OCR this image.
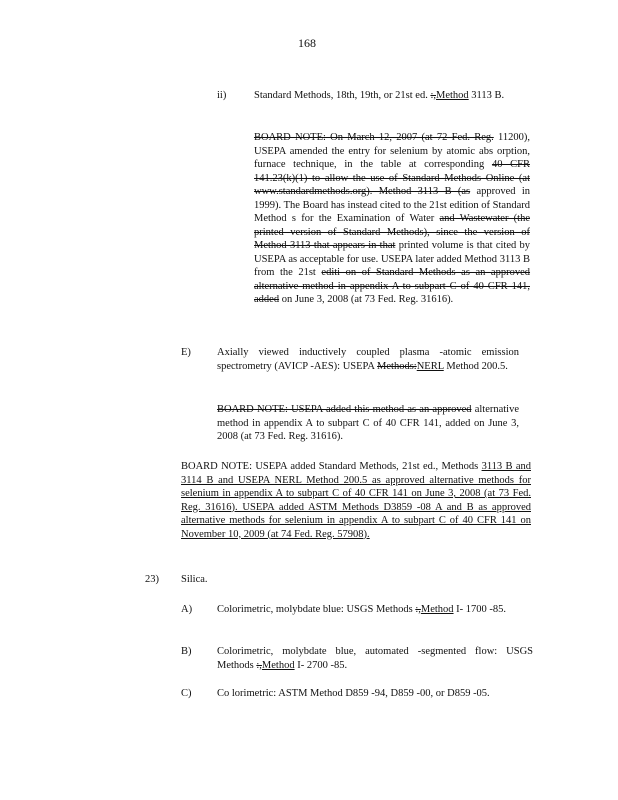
168
ii)	Standard Methods, 18th, 19th, or 21st ed. :,Method 3113 B.
BOARD NOTE: On March 12, 2007 (at 72 Fed. Reg. 11200), USEPA amended the entry for selenium by atomic abs orption, furnace technique, in the table at corresponding 40 CFR 141.23(k)(1) to allow the use of Standard Methods Online (at www.standardmethods.org). Method 3113 B (as approved in 1999). The Board has instead cited to the 21st edition of Standard Method s for the Examination of Water and Wastewater (the printed version of Standard Methods), since the version of Method 3113 that appears in that printed volume is that cited by USEPA as acceptable for use. USEPA later added Method 3113 B from the 21st editi on of Standard Methods as an approved alternative method in appendix A to subpart C of 40 CFR 141, added on June 3, 2008 (at 73 Fed. Reg. 31616).
E) Axially viewed inductively coupled plasma -atomic emission spectrometry (AVICP -AES): USEPA Methods:NERL Method 200.5.
BOARD NOTE: USEPA added this method as an approved alternative method in appendix A to subpart C of 40 CFR 141, added on June 3, 2008 (at 73 Fed. Reg. 31616).
BOARD NOTE: USEPA added Standard Methods, 21st ed., Methods 3113 B and 3114 B and USEPA NERL Method 200.5 as approved alternative methods for selenium in appendix A to subpart C of 40 CFR 141 on June 3, 2008 (at 73 Fed. Reg. 31616). USEPA added ASTM Methods D3859 -08 A and B as approved alternative methods for selenium in appendix A to subpart C of 40 CFR 141 on November 10, 2009 (at 74 Fed. Reg. 57908).
23) Silica.
A) Colorimetric, molybdate blue: USGS Methods :,Method I- 1700 -85.
B) Colorimetric, molybdate blue, automated -segmented flow: USGS Methods :,Method I- 2700 -85.
C) Co lorimetric: ASTM Method D859 -94, D859 -00, or D859 -05.
